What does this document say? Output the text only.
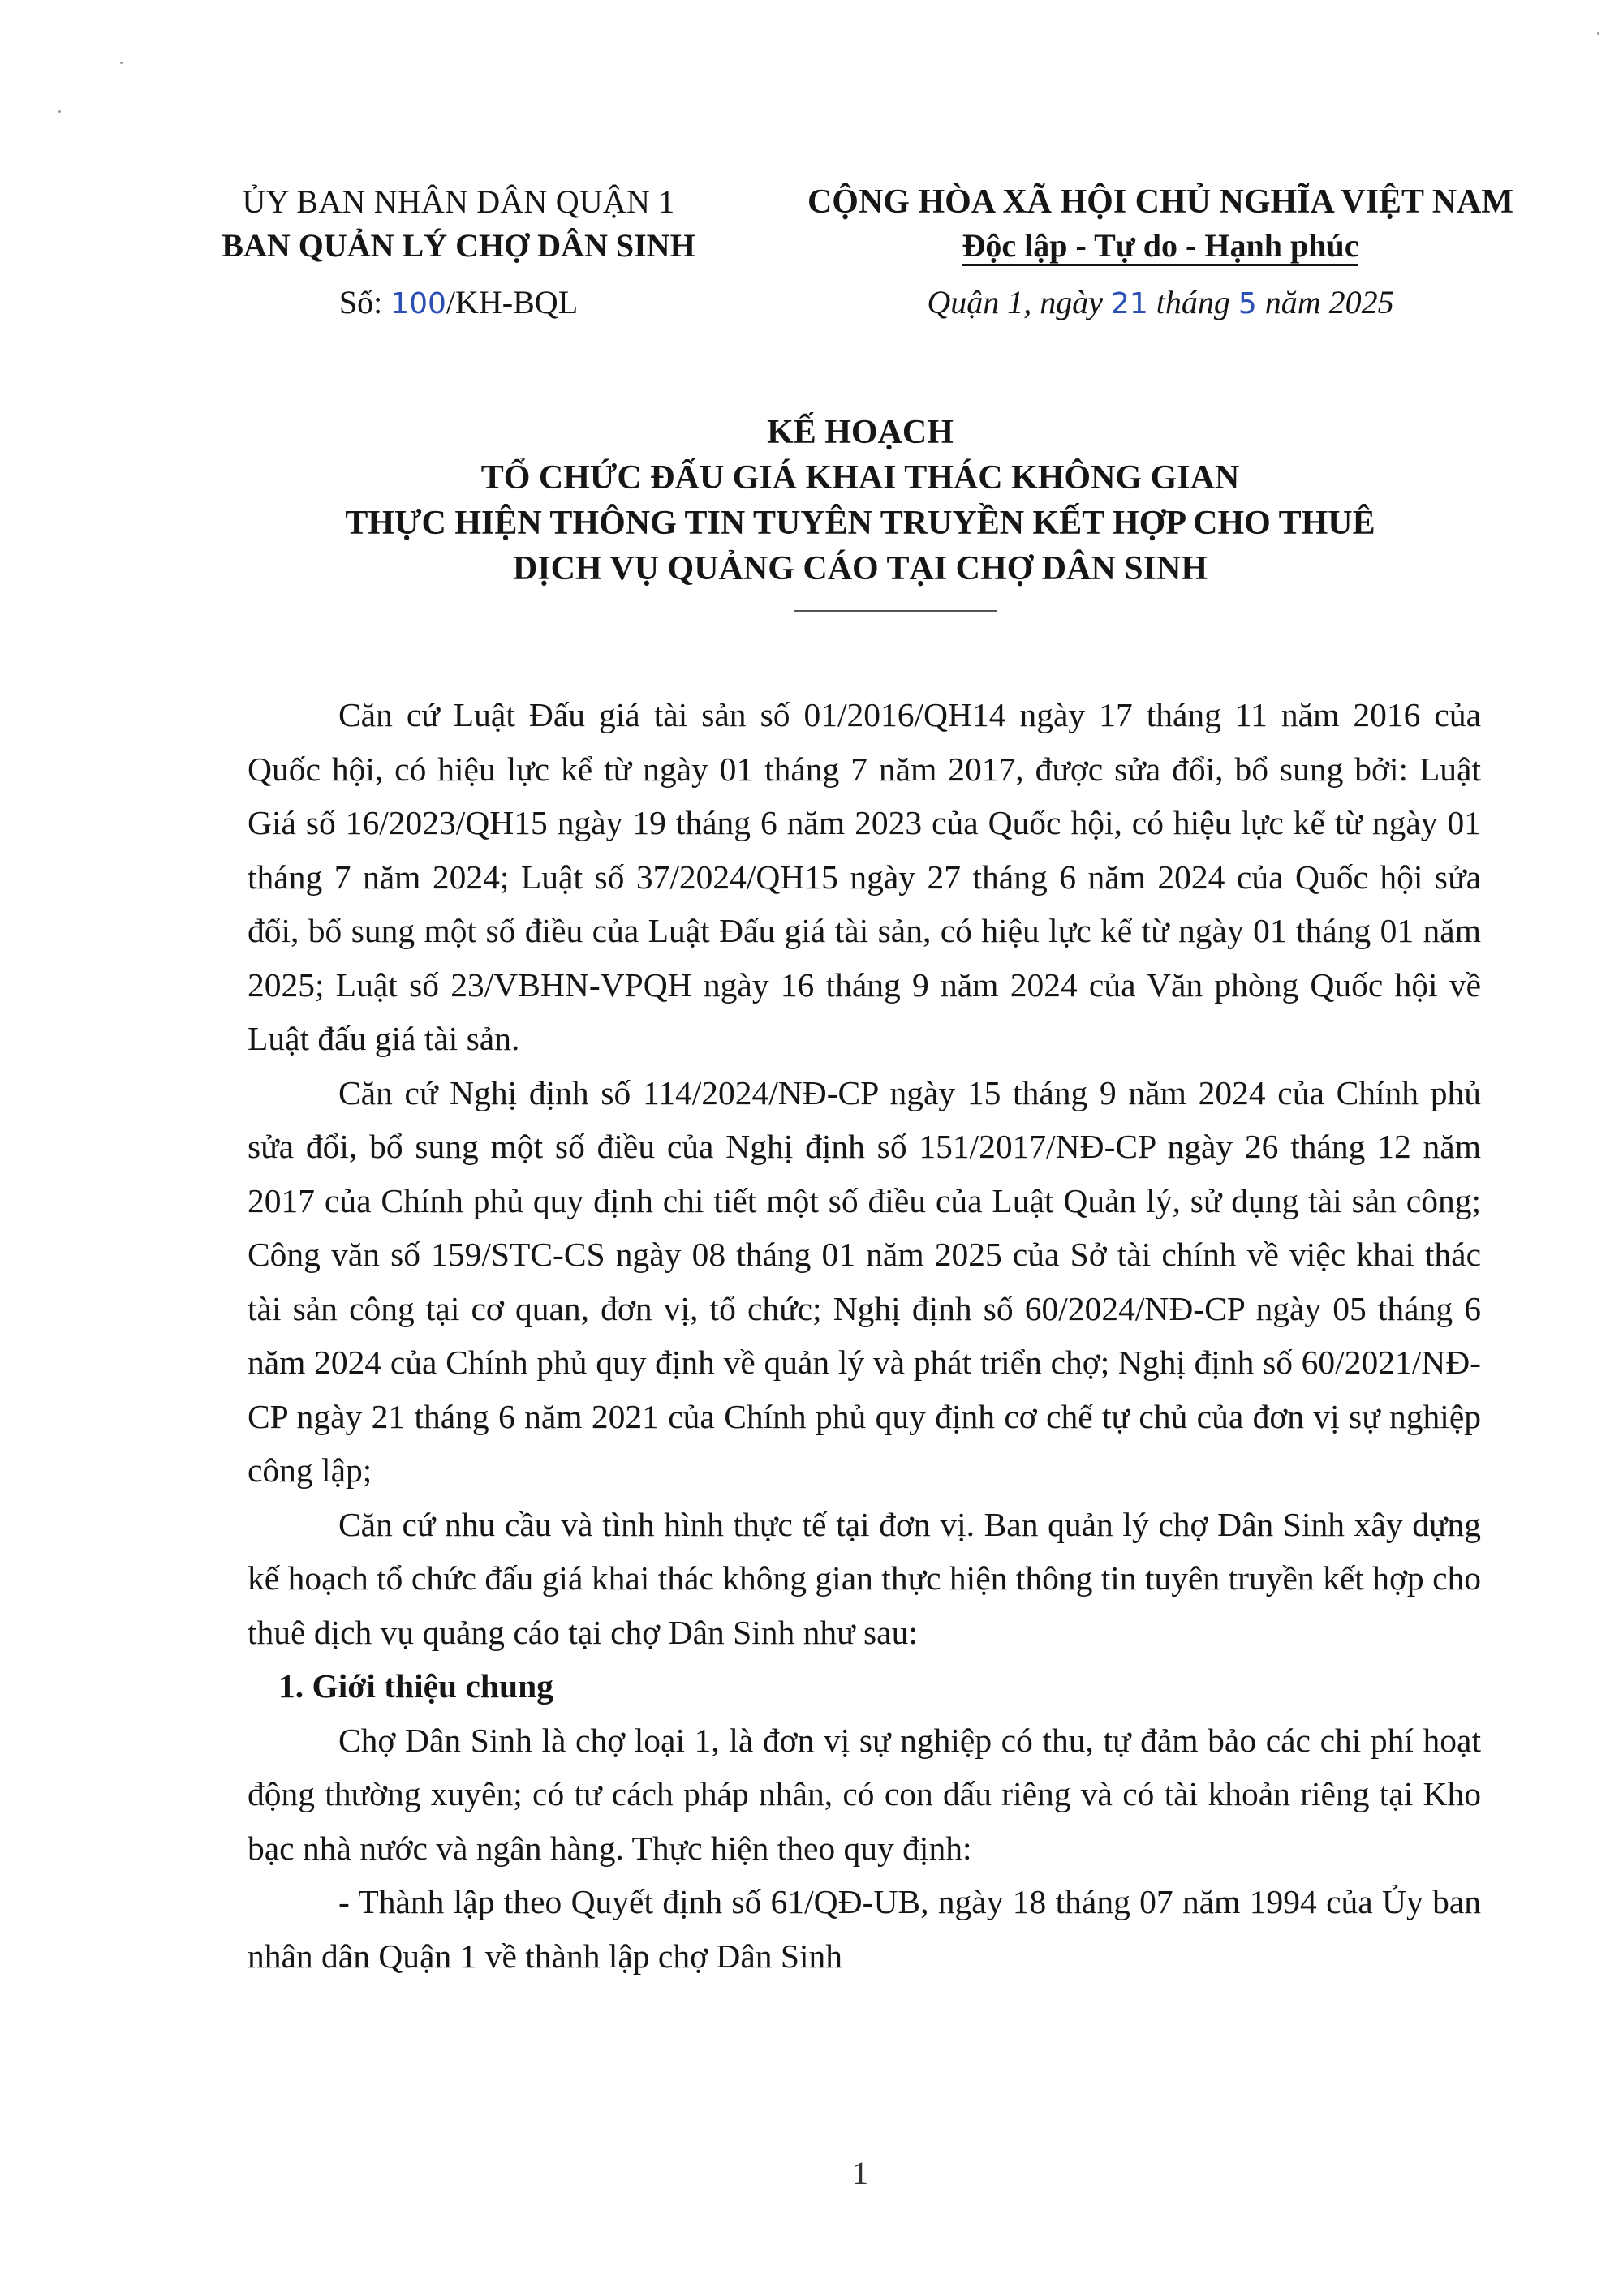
ỦY BAN NHÂN DÂN QUẬN 1
BAN QUẢN LÝ CHỢ DÂN SINH
Số: 100/KH-BQL
CỘNG HÒA XÃ HỘI CHỦ NGHĨA VIỆT NAM
Độc lập - Tự do - Hạnh phúc
Quận 1, ngày 21 tháng 5 năm 2025
KẾ HOẠCH
TỔ CHỨC ĐẤU GIÁ KHAI THÁC KHÔNG GIAN
THỰC HIỆN THÔNG TIN TUYÊN TRUYỀN KẾT HỢP CHO THUÊ
DỊCH VỤ QUẢNG CÁO TẠI CHỢ DÂN SINH

Căn cứ Luật Đấu giá tài sản số 01/2016/QH14 ngày 17 tháng 11 năm 2016 của Quốc hội, có hiệu lực kể từ ngày 01 tháng 7 năm 2017, được sửa đổi, bổ sung bởi: Luật Giá số 16/2023/QH15 ngày 19 tháng 6 năm 2023 của Quốc hội, có hiệu lực kể từ ngày 01 tháng 7 năm 2024; Luật số 37/2024/QH15 ngày 27 tháng 6 năm 2024 của Quốc hội sửa đổi, bổ sung một số điều của Luật Đấu giá tài sản, có hiệu lực kể từ ngày 01 tháng 01 năm 2025; Luật số 23/VBHN-VPQH ngày 16 tháng 9 năm 2024 của Văn phòng Quốc hội về Luật đấu giá tài sản.

Căn cứ Nghị định số 114/2024/NĐ-CP ngày 15 tháng 9 năm 2024 của Chính phủ sửa đổi, bổ sung một số điều của Nghị định số 151/2017/NĐ-CP ngày 26 tháng 12 năm 2017 của Chính phủ quy định chi tiết một số điều của Luật Quản lý, sử dụng tài sản công; Công văn số 159/STC-CS ngày 08 tháng 01 năm 2025 của Sở tài chính về việc khai thác tài sản công tại cơ quan, đơn vị, tổ chức; Nghị định số 60/2024/NĐ-CP ngày 05 tháng 6 năm 2024 của Chính phủ quy định về quản lý và phát triển chợ; Nghị định số 60/2021/NĐ-CP ngày 21 tháng 6 năm 2021 của Chính phủ quy định cơ chế tự chủ của đơn vị sự nghiệp công lập;

Căn cứ nhu cầu và tình hình thực tế tại đơn vị. Ban quản lý chợ Dân Sinh xây dựng kế hoạch tổ chức đấu giá khai thác không gian thực hiện thông tin tuyên truyền kết hợp cho thuê dịch vụ quảng cáo tại chợ Dân Sinh như sau:

1. Giới thiệu chung

Chợ Dân Sinh là chợ loại 1, là đơn vị sự nghiệp có thu, tự đảm bảo các chi phí hoạt động thường xuyên; có tư cách pháp nhân, có con dấu riêng và có tài khoản riêng tại Kho bạc nhà nước và ngân hàng. Thực hiện theo quy định:

- Thành lập theo Quyết định số 61/QĐ-UB, ngày 18 tháng 07 năm 1994 của Ủy ban nhân dân Quận 1 về thành lập chợ Dân Sinh

1
